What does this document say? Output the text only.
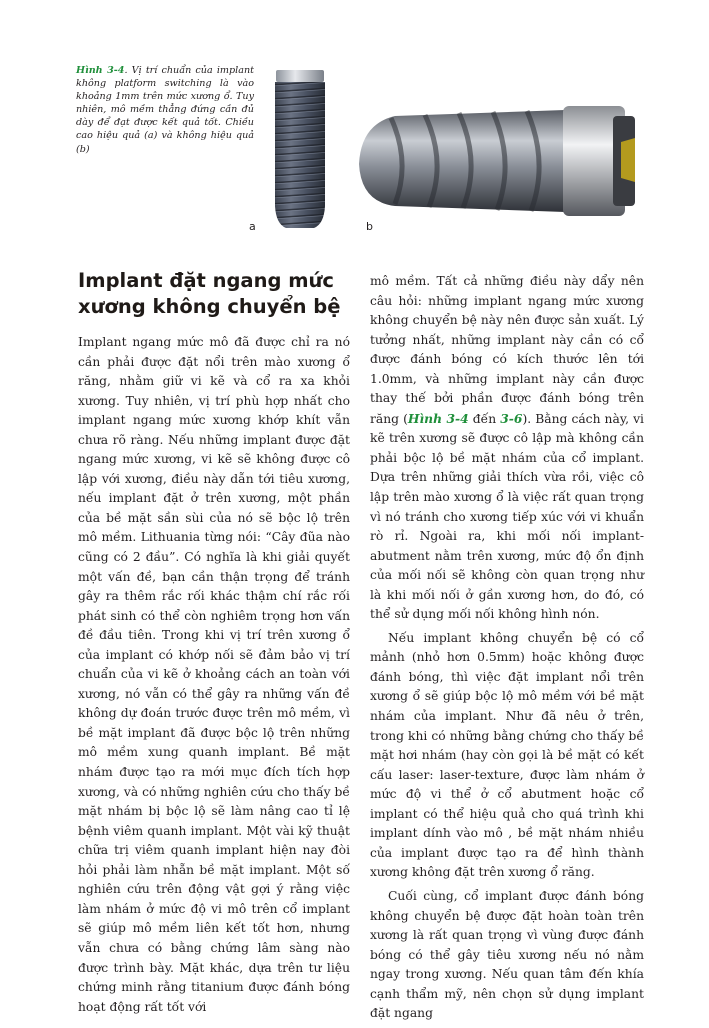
Hình 3-4. Vị trí chuẩn của implant không platform switching là vào khoảng 1mm trên mức xương ổ. Tuy nhiên, mô mềm thẳng đứng cần đủ dày để đạt được kết quả tốt. Chiều cao hiệu quả (a) và không hiệu quả (b)
a	b
Implant đặt ngang mức xương không chuyển bệ

Implant ngang mức mô đã được chỉ ra nó cần phải được đặt nổi trên mào xương ổ răng, nhằm giữ vi kẽ và cổ ra xa khỏi xương. Tuy nhiên, vị trí phù hợp nhất cho implant ngang mức xương khớp khít vẫn chưa rõ ràng. Nếu những implant được đặt ngang mức xương, vi kẽ sẽ không được cô lập với xương, điều này dẫn tới tiêu xương, nếu implant đặt ở trên xương, một phần của bề mặt sần sùi của nó sẽ bộc lộ trên mô mềm. Lithuania từng nói: “Cây đũa nào cũng có 2 đầu”. Có nghĩa là khi giải quyết một vấn đề, bạn cần thận trọng để tránh gây ra thêm rắc rối khác thậm chí rắc rối phát sinh có thể còn nghiêm trọng hơn vấn đề đầu tiên. Trong khi vị trí trên xương ổ của implant có khớp nối sẽ đảm bảo vị trí chuẩn của vi kẽ ở khoảng cách an toàn với xương, nó vẫn có thể gây ra những vấn đề không dự đoán trước được trên mô mềm, vì bề mặt implant đã được bộc lộ trên những mô mềm xung quanh implant. Bề mặt nhám được tạo ra mới mục đích tích hợp xương, và có những nghiên cứu cho thấy bề mặt nhám bị bộc lộ sẽ làm nâng cao tỉ lệ bệnh viêm quanh implant. Một vài kỹ thuật chữa trị viêm quanh implant hiện nay đòi hỏi phải làm nhẵn bề mặt implant. Một số nghiên cứu trên động vật gợi ý rằng việc làm nhám ở mức độ vi mô trên cổ implant sẽ giúp mô mềm liên kết tốt hơn, nhưng vẫn chưa có bằng chứng lâm sàng nào được trình bày. Mặt khác, dựa trên tư liệu chứng minh rằng titanium được đánh bóng hoạt động rất tốt với

mô mềm. Tất cả những điều này dẩy nên câu hỏi: những implant ngang mức xương không chuyển bệ này nên được sản xuất. Lý tưởng nhất, những implant này cần có cổ được đánh bóng có kích thước lên tới 1.0mm, và những implant này cần được thay thế bởi phần được đánh bóng trên răng (Hình 3-4 đến 3-6). Bằng cách này, vi kẽ trên xương sẽ được cô lập mà không cần phải bộc lộ bề mặt nhám của cổ implant. Dựa trên những giải thích vừa rồi, việc cô lập trên mào xương ổ là việc rất quan trọng vì nó tránh cho xương tiếp xúc với vi khuẩn rò rỉ. Ngoài ra, khi mối nối implant-abutment nằm trên xương, mức độ ổn định của mối nối sẽ không còn quan trọng như là khi mối nối ở gần xương hơn, do đó, có thể sử dụng mối nối không hình nón.

Nếu implant không chuyển bệ có cổ mảnh (nhỏ hơn 0.5mm) hoặc không được đánh bóng, thì việc đặt implant nổi trên xương ổ sẽ giúp bộc lộ mô mềm với bề mặt nhám của implant. Như đã nêu ở trên, trong khi có những bằng chứng cho thấy bề mặt hơi nhám (hay còn gọi là bề mặt có kết cấu laser: laser-texture, được làm nhám ở mức độ vi thể ở cổ abutment hoặc cổ implant có thể hiệu quả cho quá trình khi implant dính vào mô , bề mặt nhám nhiều của implant được tạo ra để hình thành xương không đặt trên xương ổ răng.

Cuối cùng, cổ implant được đánh bóng không chuyển bệ được đặt hoàn toàn trên xương là rất quan trọng vì vùng được đánh bóng có thể gây tiêu xương nếu nó nằm ngay trong xương. Nếu quan tâm đến khía cạnh thẩm mỹ, nên chọn sử dụng implant đặt ngang
